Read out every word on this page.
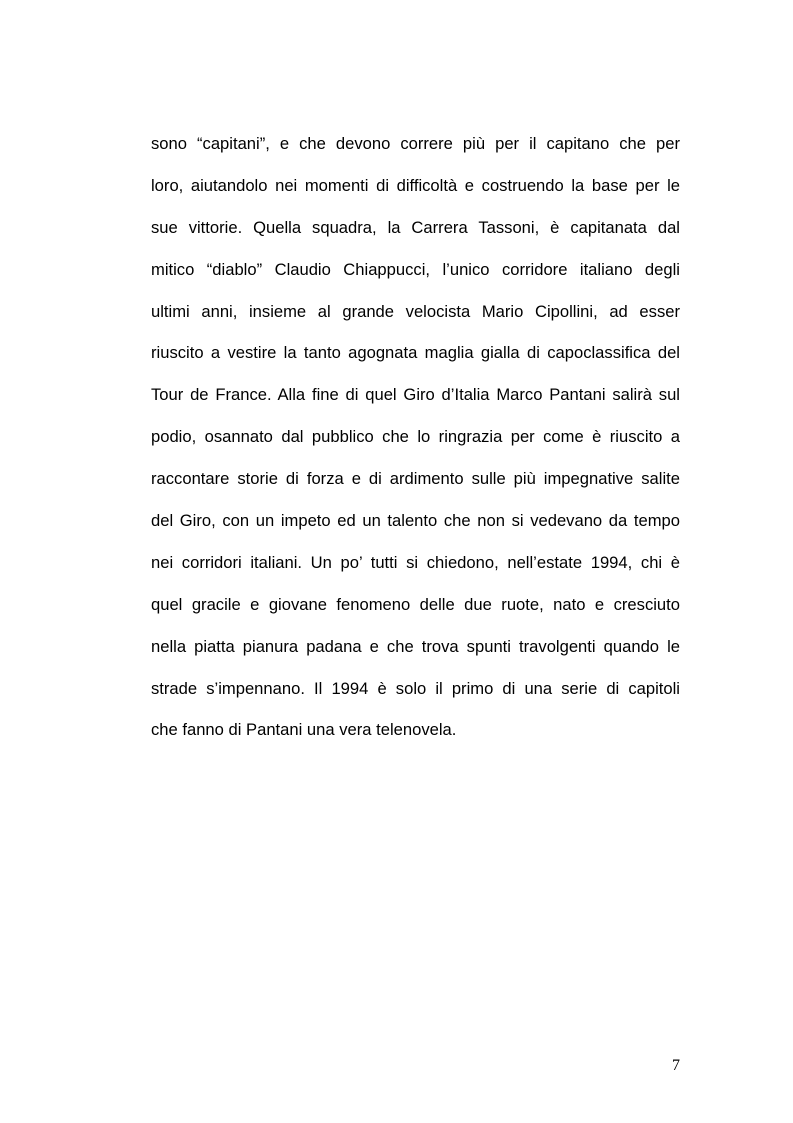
sono “capitani”, e che devono correre più per il capitano che per
loro, aiutandolo nei momenti di difficoltà e costruendo la base per le
sue vittorie. Quella squadra, la Carrera Tassoni, è capitanata dal
mitico “diablo” Claudio Chiappucci, l’unico corridore italiano degli
ultimi anni, insieme al grande velocista Mario Cipollini, ad esser
riuscito a vestire la tanto agognata maglia gialla di capoclassifica del
Tour de France. Alla fine di quel Giro d’Italia Marco Pantani salirà sul
podio, osannato dal pubblico che lo ringrazia per come è riuscito a
raccontare storie di forza e di ardimento sulle più impegnative salite
del Giro, con un impeto ed un talento che non si vedevano da tempo
nei corridori italiani. Un po’ tutti si chiedono, nell’estate 1994, chi è
quel gracile e giovane fenomeno delle due ruote, nato e cresciuto
nella piatta pianura padana e che trova spunti travolgenti quando le
strade s’impennano. Il 1994 è solo il primo di una serie di capitoli
che fanno di Pantani una vera telenovela.
7
